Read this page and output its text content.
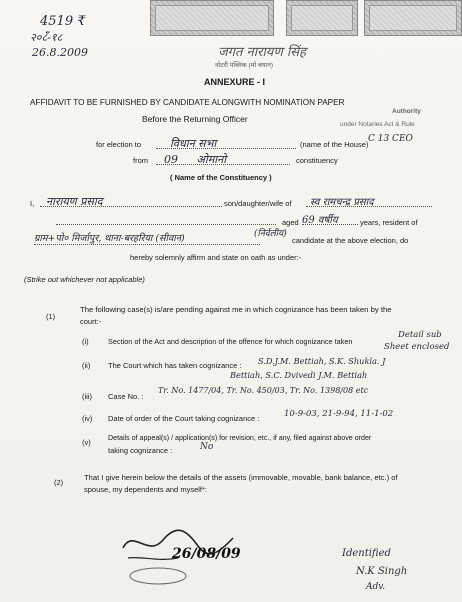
4519 ₹
२०८ंँ-१८
26.8.2009	जगत नारायण सिंह
नोटरी पब्लिक (मो बयान)
Authority
under Notaries Act & Rule
ANNEXURE - I
AFFIDAVIT TO BE FURNISHED BY CANDIDATE ALONGWITH NOMINATION PAPER
Before the Returning Officer
for election to	विधान सभा	(name of the House)
C 13 CEO
from	09 ओमानो	constituency
( Name of the Constituency )
I,	नारायण प्रसाद	son/daughter/wife of	स्व रामचन्द्र प्रसाद
aged 69 वर्षीय	years, resident of
ग्राम+पो० मिर्जापुर, थाना-बरहरिया (सीवान)	(निर्दलीय)
candidate at the above election, do
hereby solemnly affirm and state on oath as under:-
(Strike out whichever not applicable)
(1)
The following case(s) is/are pending against me in which cognizance has been taken by the
court:-
(i)	Section of the Act and description of the offence for which cognizance taken
Detail sub
Sheet enclosed
(ii) The Court which has taken cognizance : S.D.J.M. Bettiah, S.K. Shukla. J
Bettiah, S.C. Dvivedi J.M. Bettiah
(iii) Case No. :
Tr. No. 1477/04, Tr. No. 450/03, Tr. No. 1398/08 etc
(iv) Date of order of the Court taking cognizance :	10-9-03, 21-9-94, 11-1-02
(v) Details of appeal(s) / application(s) for revision, etc., if any, filed against above order
taking cognizance :	No
(2)
That I give herein below the details of the assets (immovable, movable, bank balance, etc.) of
spouse, my dependents and myself*:
26/08/09	Identified
N.K Singh
Adv.
